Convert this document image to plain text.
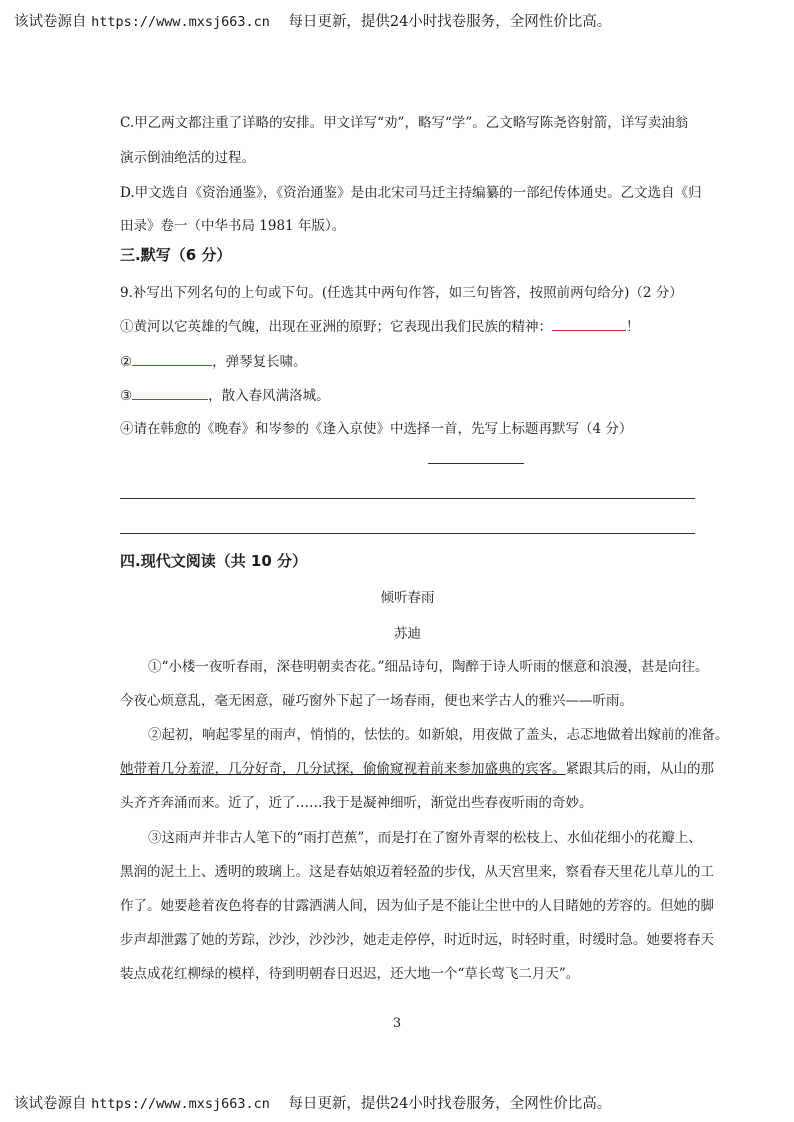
该试卷源自 https://www.mxsj663.cn 每日更新，提供24小时找卷服务，全网性价比高。
C.甲乙两文都注重了详略的安排。甲文详写“劝”，略写“学”。乙文略写陈尧咨射箭，详写卖油翁
演示倒油绝活的过程。
D.甲文选自《资治通鉴》，《资治通鉴》是由北宋司马迁主持编纂的一部纪传体通史。乙文选自《归
田录》卷一（中华书局 1981 年版）。
三.默写（6 分）
9.补写出下列名句的上句或下句。(任选其中两句作答，如三句皆答，按照前两句给分)（2 分）
①黄河以它英雄的气魄，出现在亚洲的原野；它表现出我们民族的精神：	！
②	，弹琴复长啸。
③	，散入春风满洛城。
④请在韩愈的《晚春》和岑参的《逢入京使》中选择一首，先写上标题再默写（4 分）
四.现代文阅读（共 10 分）
倾听春雨
苏迪
①“小楼一夜听春雨，深巷明朝卖杏花。”细品诗句，陶醉于诗人听雨的惬意和浪漫，甚是向往。
今夜心烦意乱，毫无困意，碰巧窗外下起了一场春雨，便也来学古人的雅兴——听雨。
②起初，响起零星的雨声，悄悄的，怯怯的。如新娘，用夜做了盖头，忐忑地做着出嫁前的准备。
她带着几分羞涩，几分好奇，几分试探，偷偷窥视着前来参加盛典的宾客。紧跟其后的雨，从山的那
头齐齐奔涌而来。近了，近了……我于是凝神细听，渐觉出些春夜听雨的奇妙。
③这雨声并非古人笔下的“雨打芭蕉”，而是打在了窗外青翠的松枝上、水仙花细小的花瓣上、
黑润的泥土上、透明的玻璃上。这是春姑娘迈着轻盈的步伐，从天宫里来，察看春天里花儿草儿的工
作了。她要趁着夜色将春的甘露洒满人间，因为仙子是不能让尘世中的人目睹她的芳容的。但她的脚
步声却泄露了她的芳踪，沙沙，沙沙沙，她走走停停，时近时远，时轻时重，时缓时急。她要将春天
装点成花红柳绿的模样，待到明朝春日迟迟，还大地一个“草长莺飞二月天”。
3
该试卷源自 https://www.mxsj663.cn 每日更新，提供24小时找卷服务，全网性价比高。
